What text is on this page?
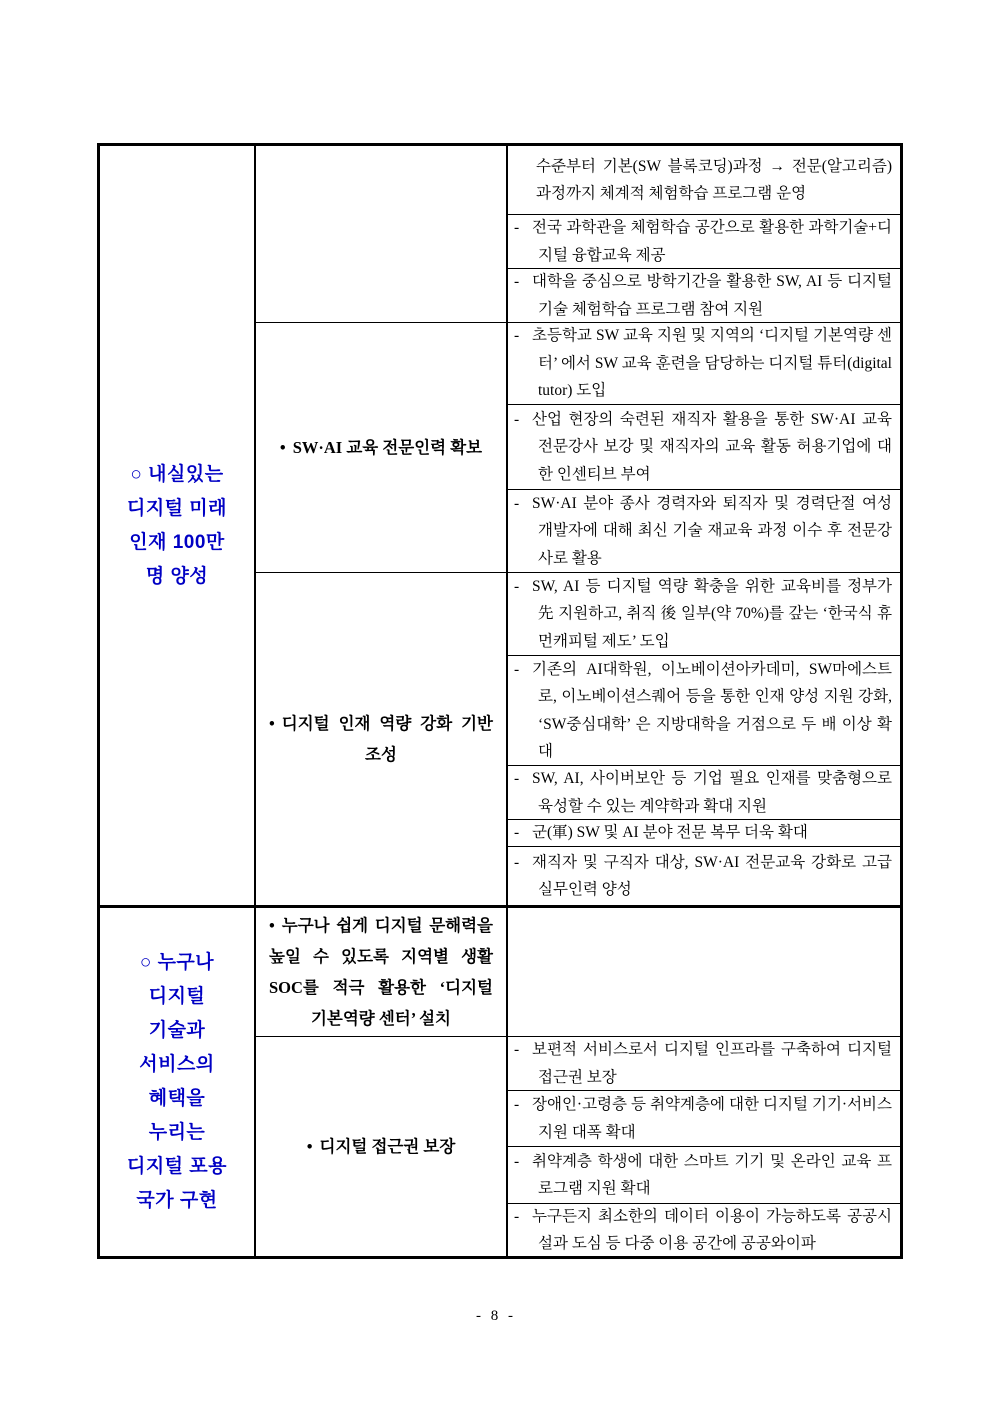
○ 내실있는
디지털 미래
인재 100만
명 양성

수준부터 기본(SW 블록코딩)과정 → 전문(알고리즘) 과정까지 체계적 체험학습 프로그램 운영

- 전국 과학관을 체험학습 공간으로 활용한 과학기술+디지털 융합교육 제공

- 대학을 중심으로 방학기간을 활용한 SW, AI 등 디지털 기술 체험학습 프로그램 참여 지원

• SW·AI 교육 전문인력 확보

- 초등학교 SW 교육 지원 및 지역의 ‘디지털 기본역량 센터’ 에서 SW 교육 훈련을 담당하는 디지털 튜터(digital tutor) 도입

- 산업 현장의 숙련된 재직자 활용을 통한 SW·AI 교육 전문강사 보강 및 재직자의 교육 활동 허용기업에 대한 인센티브 부여

- SW·AI 분야 종사 경력자와 퇴직자 및 경력단절 여성 개발자에 대해 최신 기술 재교육 과정 이수 후 전문강사로 활용

• 디지털 인재 역량 강화 기반 조성

- SW, AI 등 디지털 역량 확충을 위한 교육비를 정부가 先 지원하고, 취직 後 일부(약 70%)를 갚는 ‘한국식 휴먼캐피털 제도’ 도입

- 기존의 AI대학원, 이노베이션아카데미, SW마에스트로, 이노베이션스퀘어 등을 통한 인재 양성 지원 강화, ‘SW중심대학’ 은 지방대학을 거점으로 두 배 이상 확대

- SW, AI, 사이버보안 등 기업 필요 인재를 맞춤형으로 육성할 수 있는 계약학과 확대 지원

- 군(軍) SW 및 AI 분야 전문 복무 더욱 확대

- 재직자 및 구직자 대상, SW·AI 전문교육 강화로 고급 실무인력 양성

○ 누구나
디지털
기술과
서비스의
혜택을
누리는
디지털 포용
국가 구현

• 누구나 쉽게 디지털 문해력을 높일 수 있도록 지역별 생활 SOC를 적극 활용한 ‘디지털 기본역량 센터’ 설치

• 디지털 접근권 보장

- 보편적 서비스로서 디지털 인프라를 구축하여 디지털 접근권 보장

- 장애인·고령층 등 취약계층에 대한 디지털 기기·서비스 지원 대폭 확대

- 취약계층 학생에 대한 스마트 기기 및 온라인 교육 프로그램 지원 확대

- 누구든지 최소한의 데이터 이용이 가능하도록 공공시설과 도심 등 다중 이용 공간에 공공와이파

- 8 -
